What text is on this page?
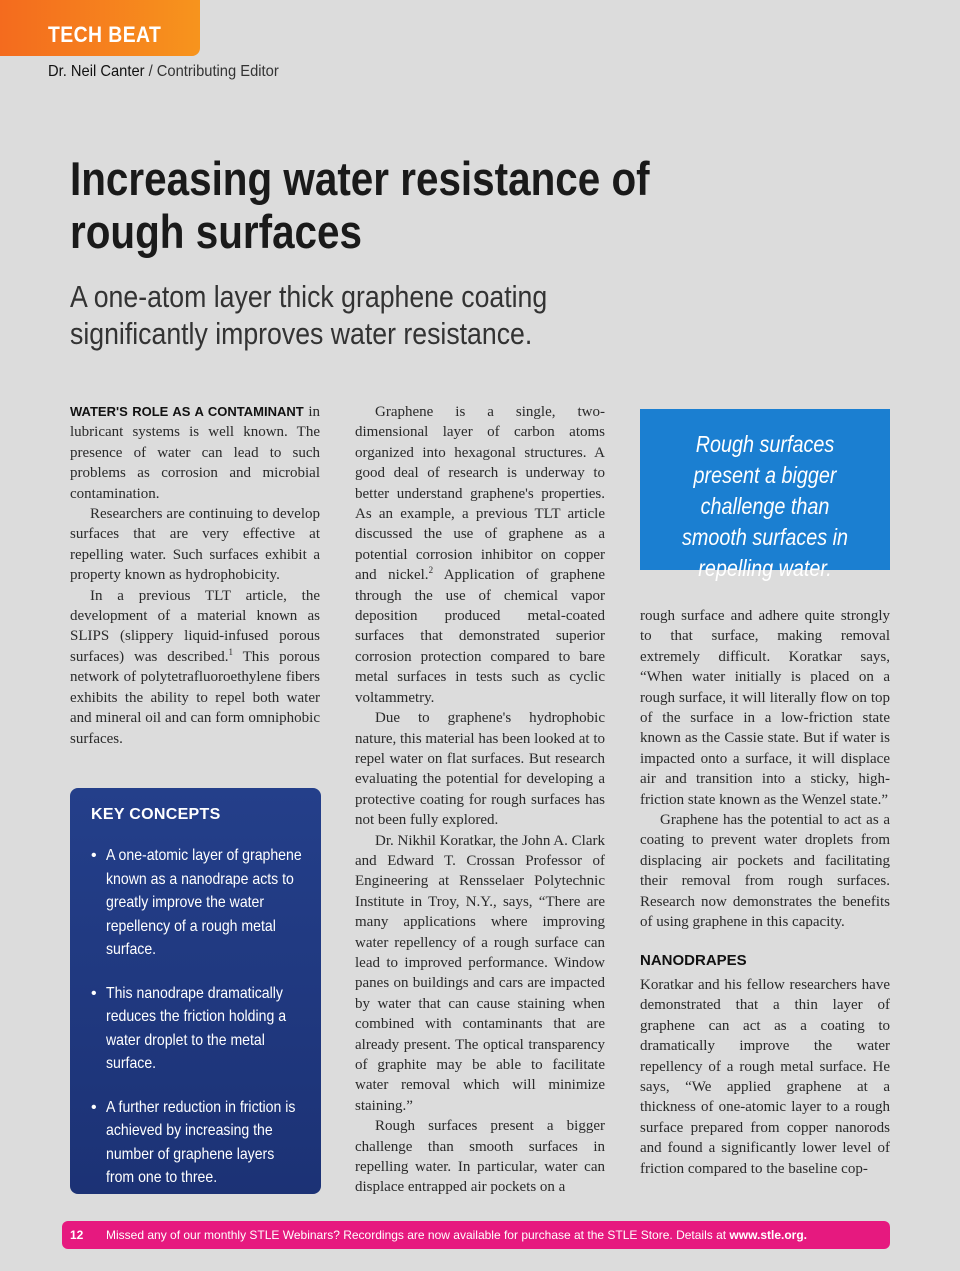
TECH BEAT
Dr. Neil Canter / Contributing Editor
Increasing water resistance of rough surfaces
A one-atom layer thick graphene coating significantly improves water resistance.

WATER'S ROLE AS A CONTAMINANT in lubricant systems is well known. The presence of water can lead to such problems as corrosion and microbial contamination.

Researchers are continuing to develop surfaces that are very effective at repelling water. Such surfaces exhibit a property known as hydrophobicity.

In a previous TLT article, the development of a material known as SLIPS (slippery liquid-infused porous surfaces) was described.$^1$ This porous network of polytetrafluoroethylene fibers exhibits the ability to repel both water and mineral oil and can form omniphobic surfaces.

KEY CONCEPTS
• A one-atomic layer of graphene known as a nanodrape acts to greatly improve the water repellency of a rough metal surface.
• This nanodrape dramatically reduces the friction holding a water droplet to the metal surface.
• A further reduction in friction is achieved by increasing the number of graphene layers from one to three.

Graphene is a single, two-dimensional layer of carbon atoms organized into hexagonal structures. A good deal of research is underway to better understand graphene's properties. As an example, a previous TLT article discussed the use of graphene as a potential corrosion inhibitor on copper and nickel.$^2$ Application of graphene through the use of chemical vapor deposition produced metal-coated surfaces that demonstrated superior corrosion protection compared to bare metal surfaces in tests such as cyclic voltammetry.

Due to graphene's hydrophobic nature, this material has been looked at to repel water on flat surfaces. But research evaluating the potential for developing a protective coating for rough surfaces has not been fully explored.

Dr. Nikhil Koratkar, the John A. Clark and Edward T. Crossan Professor of Engineering at Rensselaer Polytechnic Institute in Troy, N.Y., says, “There are many applications where improving water repellency of a rough surface can lead to improved performance. Window panes on buildings and cars are impacted by water that can cause staining when combined with contaminants that are already present. The optical transparency of graphite may be able to facilitate water removal which will minimize staining.”

Rough surfaces present a bigger challenge than smooth surfaces in repelling water. In particular, water can displace entrapped air pockets on a

Rough surfaces present a bigger challenge than smooth surfaces in repelling water.

rough surface and adhere quite strongly to that surface, making removal extremely difficult. Koratkar says, “When water initially is placed on a rough surface, it will literally flow on top of the surface in a low-friction state known as the Cassie state. But if water is impacted onto a surface, it will displace air and transition into a sticky, high-friction state known as the Wenzel state.”

Graphene has the potential to act as a coating to prevent water droplets from displacing air pockets and facilitating their removal from rough surfaces. Research now demonstrates the benefits of using graphene in this capacity.

NANODRAPES

Koratkar and his fellow researchers have demonstrated that a thin layer of graphene can act as a coating to dramatically improve the water repellency of a rough metal surface. He says, “We applied graphene at a thickness of one-atomic layer to a rough surface prepared from copper nanorods and found a significantly lower level of friction compared to the baseline cop-

12 Missed any of our monthly STLE Webinars? Recordings are now available for purchase at the STLE Store. Details at www.stle.org.
